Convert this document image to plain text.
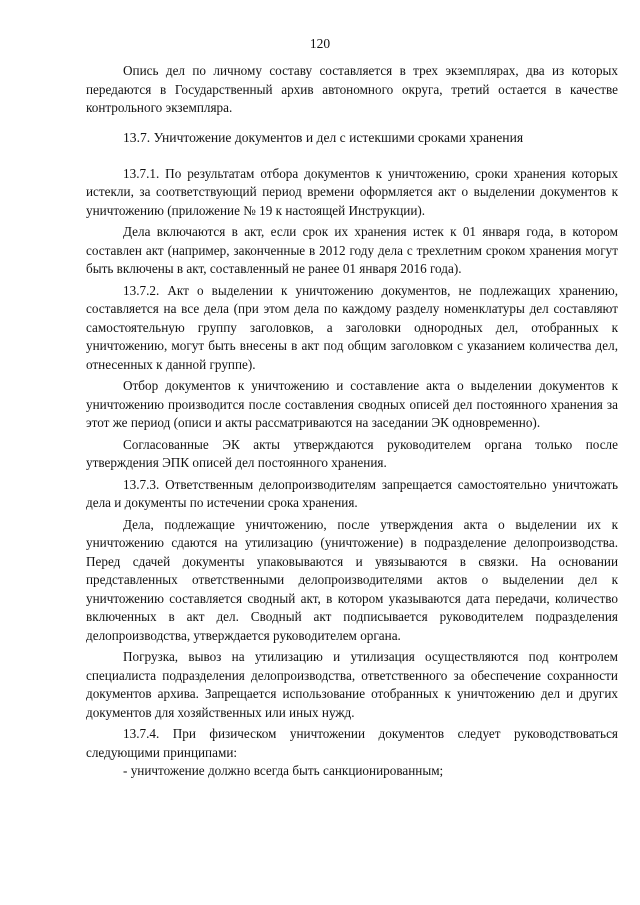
120

Опись дел по личному составу составляется в трех экземплярах, два из которых передаются в Государственный архив автономного округа, третий остается в качестве контрольного экземпляра.

13.7. Уничтожение документов и дел с истекшими сроками хранения

13.7.1. По результатам отбора документов к уничтожению, сроки хранения которых истекли, за соответствующий период времени оформляется акт о выделении документов к уничтожению (приложение № 19 к настоящей Инструкции).

Дела включаются в акт, если срок их хранения истек к 01 января года, в котором составлен акт (например, законченные в 2012 году дела с трехлетним сроком хранения могут быть включены в акт, составленный не ранее 01 января 2016 года).

13.7.2. Акт о выделении к уничтожению документов, не подлежащих хранению, составляется на все дела (при этом дела по каждому разделу номенклатуры дел составляют самостоятельную группу заголовков, а заголовки однородных дел, отобранных к уничтожению, могут быть внесены в акт под общим заголовком с указанием количества дел, отнесенных к данной группе).

Отбор документов к уничтожению и составление акта о выделении документов к уничтожению производится после составления сводных описей дел постоянного хранения за этот же период (описи и акты рассматриваются на заседании ЭК одновременно).

Согласованные ЭК акты утверждаются руководителем органа только после утверждения ЭПК описей дел постоянного хранения.

13.7.3. Ответственным делопроизводителям запрещается самостоятельно уничтожать дела и документы по истечении срока хранения.

Дела, подлежащие уничтожению, после утверждения акта о выделении их к уничтожению сдаются на утилизацию (уничтожение) в подразделение делопроизводства. Перед сдачей документы упаковываются и увязываются в связки. На основании представленных ответственными делопроизводителями актов о выделении дел к уничтожению составляется сводный акт, в котором указываются дата передачи, количество включенных в акт дел. Сводный акт подписывается руководителем подразделения делопроизводства, утверждается руководителем органа.

Погрузка, вывоз на утилизацию и утилизация осуществляются под контролем специалиста подразделения делопроизводства, ответственного за обеспечение сохранности документов архива. Запрещается использование отобранных к уничтожению дел и других документов для хозяйственных или иных нужд.

13.7.4. При физическом уничтожении документов следует руководствоваться следующими принципами:

- уничтожение должно всегда быть санкционированным;
